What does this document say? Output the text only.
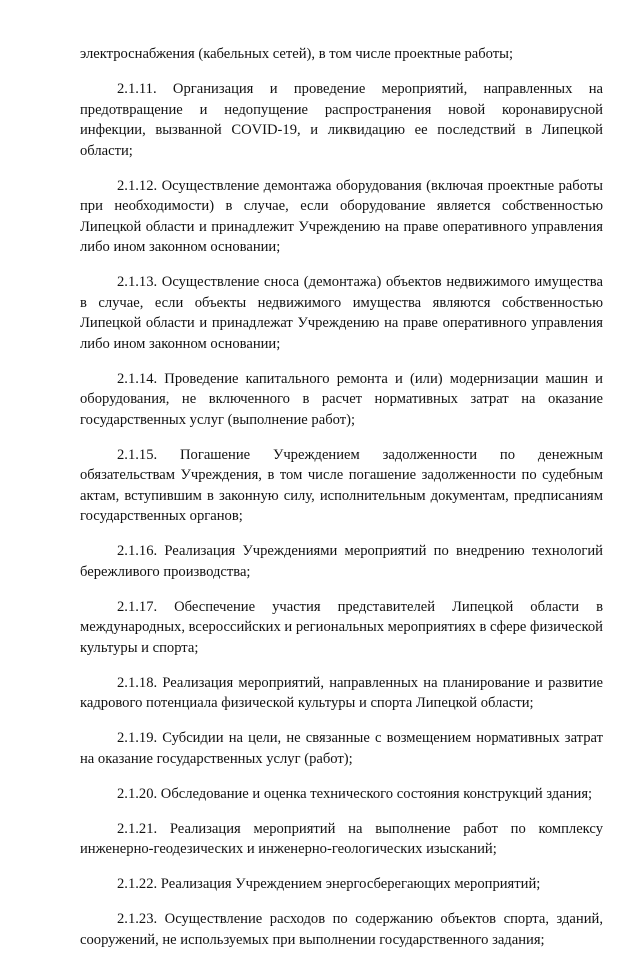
электроснабжения (кабельных сетей), в том числе проектные работы;

2.1.11. Организация и проведение мероприятий, направленных на предотвращение и недопущение распространения новой коронавирусной инфекции, вызванной COVID-19, и ликвидацию ее последствий в Липецкой области;

2.1.12. Осуществление демонтажа оборудования (включая проектные работы при необходимости) в случае, если оборудование является собственностью Липецкой области и принадлежит Учреждению на праве оперативного управления либо ином законном основании;

2.1.13. Осуществление сноса (демонтажа) объектов недвижимого имущества в случае, если объекты недвижимого имущества являются собственностью Липецкой области и принадлежат Учреждению на праве оперативного управления либо ином законном основании;

2.1.14. Проведение капитального ремонта и (или) модернизации машин и оборудования, не включенного в расчет нормативных затрат на оказание государственных услуг (выполнение работ);

2.1.15. Погашение Учреждением задолженности по денежным обязательствам Учреждения, в том числе погашение задолженности по судебным актам, вступившим в законную силу, исполнительным документам, предписаниям государственных органов;

2.1.16. Реализация Учреждениями мероприятий по внедрению технологий бережливого производства;

2.1.17. Обеспечение участия представителей Липецкой области в международных, всероссийских и региональных мероприятиях в сфере физической культуры и спорта;

2.1.18. Реализация мероприятий, направленных на планирование и развитие кадрового потенциала физической культуры и спорта Липецкой области;

2.1.19. Субсидии на цели, не связанные с возмещением нормативных затрат на оказание государственных услуг (работ);

2.1.20. Обследование и оценка технического состояния конструкций здания;

2.1.21. Реализация мероприятий на выполнение работ по комплексу инженерно-геодезических и инженерно-геологических изысканий;

2.1.22. Реализация Учреждением энергосберегающих мероприятий;

2.1.23. Осуществление расходов по содержанию объектов спорта, зданий, сооружений, не используемых при выполнении государственного задания;
